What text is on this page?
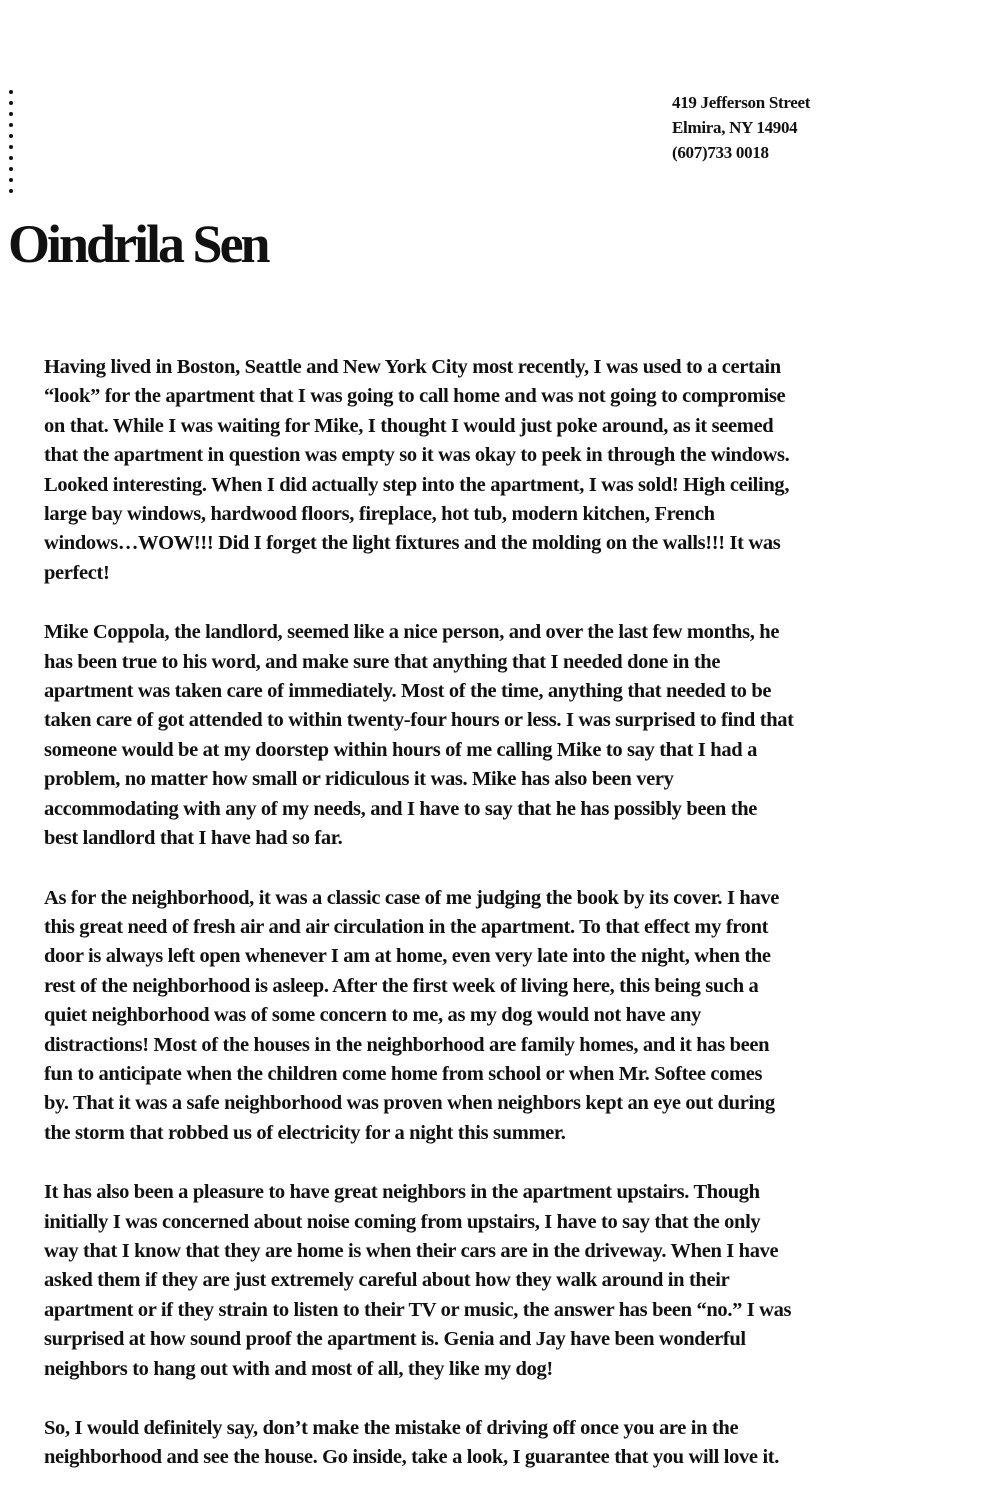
419 Jefferson Street
Elmira, NY 14904
(607)733 0018
Oindrila Sen

Having lived in Boston, Seattle and New York City most recently, I was used to a certain
“look” for the apartment that I was going to call home and was not going to compromise
on that. While I was waiting for Mike, I thought I would just poke around, as it seemed
that the apartment in question was empty so it was okay to peek in through the windows.
Looked interesting. When I did actually step into the apartment, I was sold! High ceiling,
large bay windows, hardwood floors, fireplace, hot tub, modern kitchen, French
windows…WOW!!! Did I forget the light fixtures and the molding on the walls!!! It was
perfect!

Mike Coppola, the landlord, seemed like a nice person, and over the last few months, he
has been true to his word, and make sure that anything that I needed done in the
apartment was taken care of immediately. Most of the time, anything that needed to be
taken care of got attended to within twenty-four hours or less. I was surprised to find that
someone would be at my doorstep within hours of me calling Mike to say that I had a
problem, no matter how small or ridiculous it was. Mike has also been very
accommodating with any of my needs, and I have to say that he has possibly been the
best landlord that I have had so far.

As for the neighborhood, it was a classic case of me judging the book by its cover. I have
this great need of fresh air and air circulation in the apartment. To that effect my front
door is always left open whenever I am at home, even very late into the night, when the
rest of the neighborhood is asleep. After the first week of living here, this being such a
quiet neighborhood was of some concern to me, as my dog would not have any
distractions! Most of the houses in the neighborhood are family homes, and it has been
fun to anticipate when the children come home from school or when Mr. Softee comes
by. That it was a safe neighborhood was proven when neighbors kept an eye out during
the storm that robbed us of electricity for a night this summer.

It has also been a pleasure to have great neighbors in the apartment upstairs. Though
initially I was concerned about noise coming from upstairs, I have to say that the only
way that I know that they are home is when their cars are in the driveway. When I have
asked them if they are just extremely careful about how they walk around in their
apartment or if they strain to listen to their TV or music, the answer has been “no.” I was
surprised at how sound proof the apartment is. Genia and Jay have been wonderful
neighbors to hang out with and most of all, they like my dog!

So, I would definitely say, don’t make the mistake of driving off once you are in the
neighborhood and see the house. Go inside, take a look, I guarantee that you will love it.
